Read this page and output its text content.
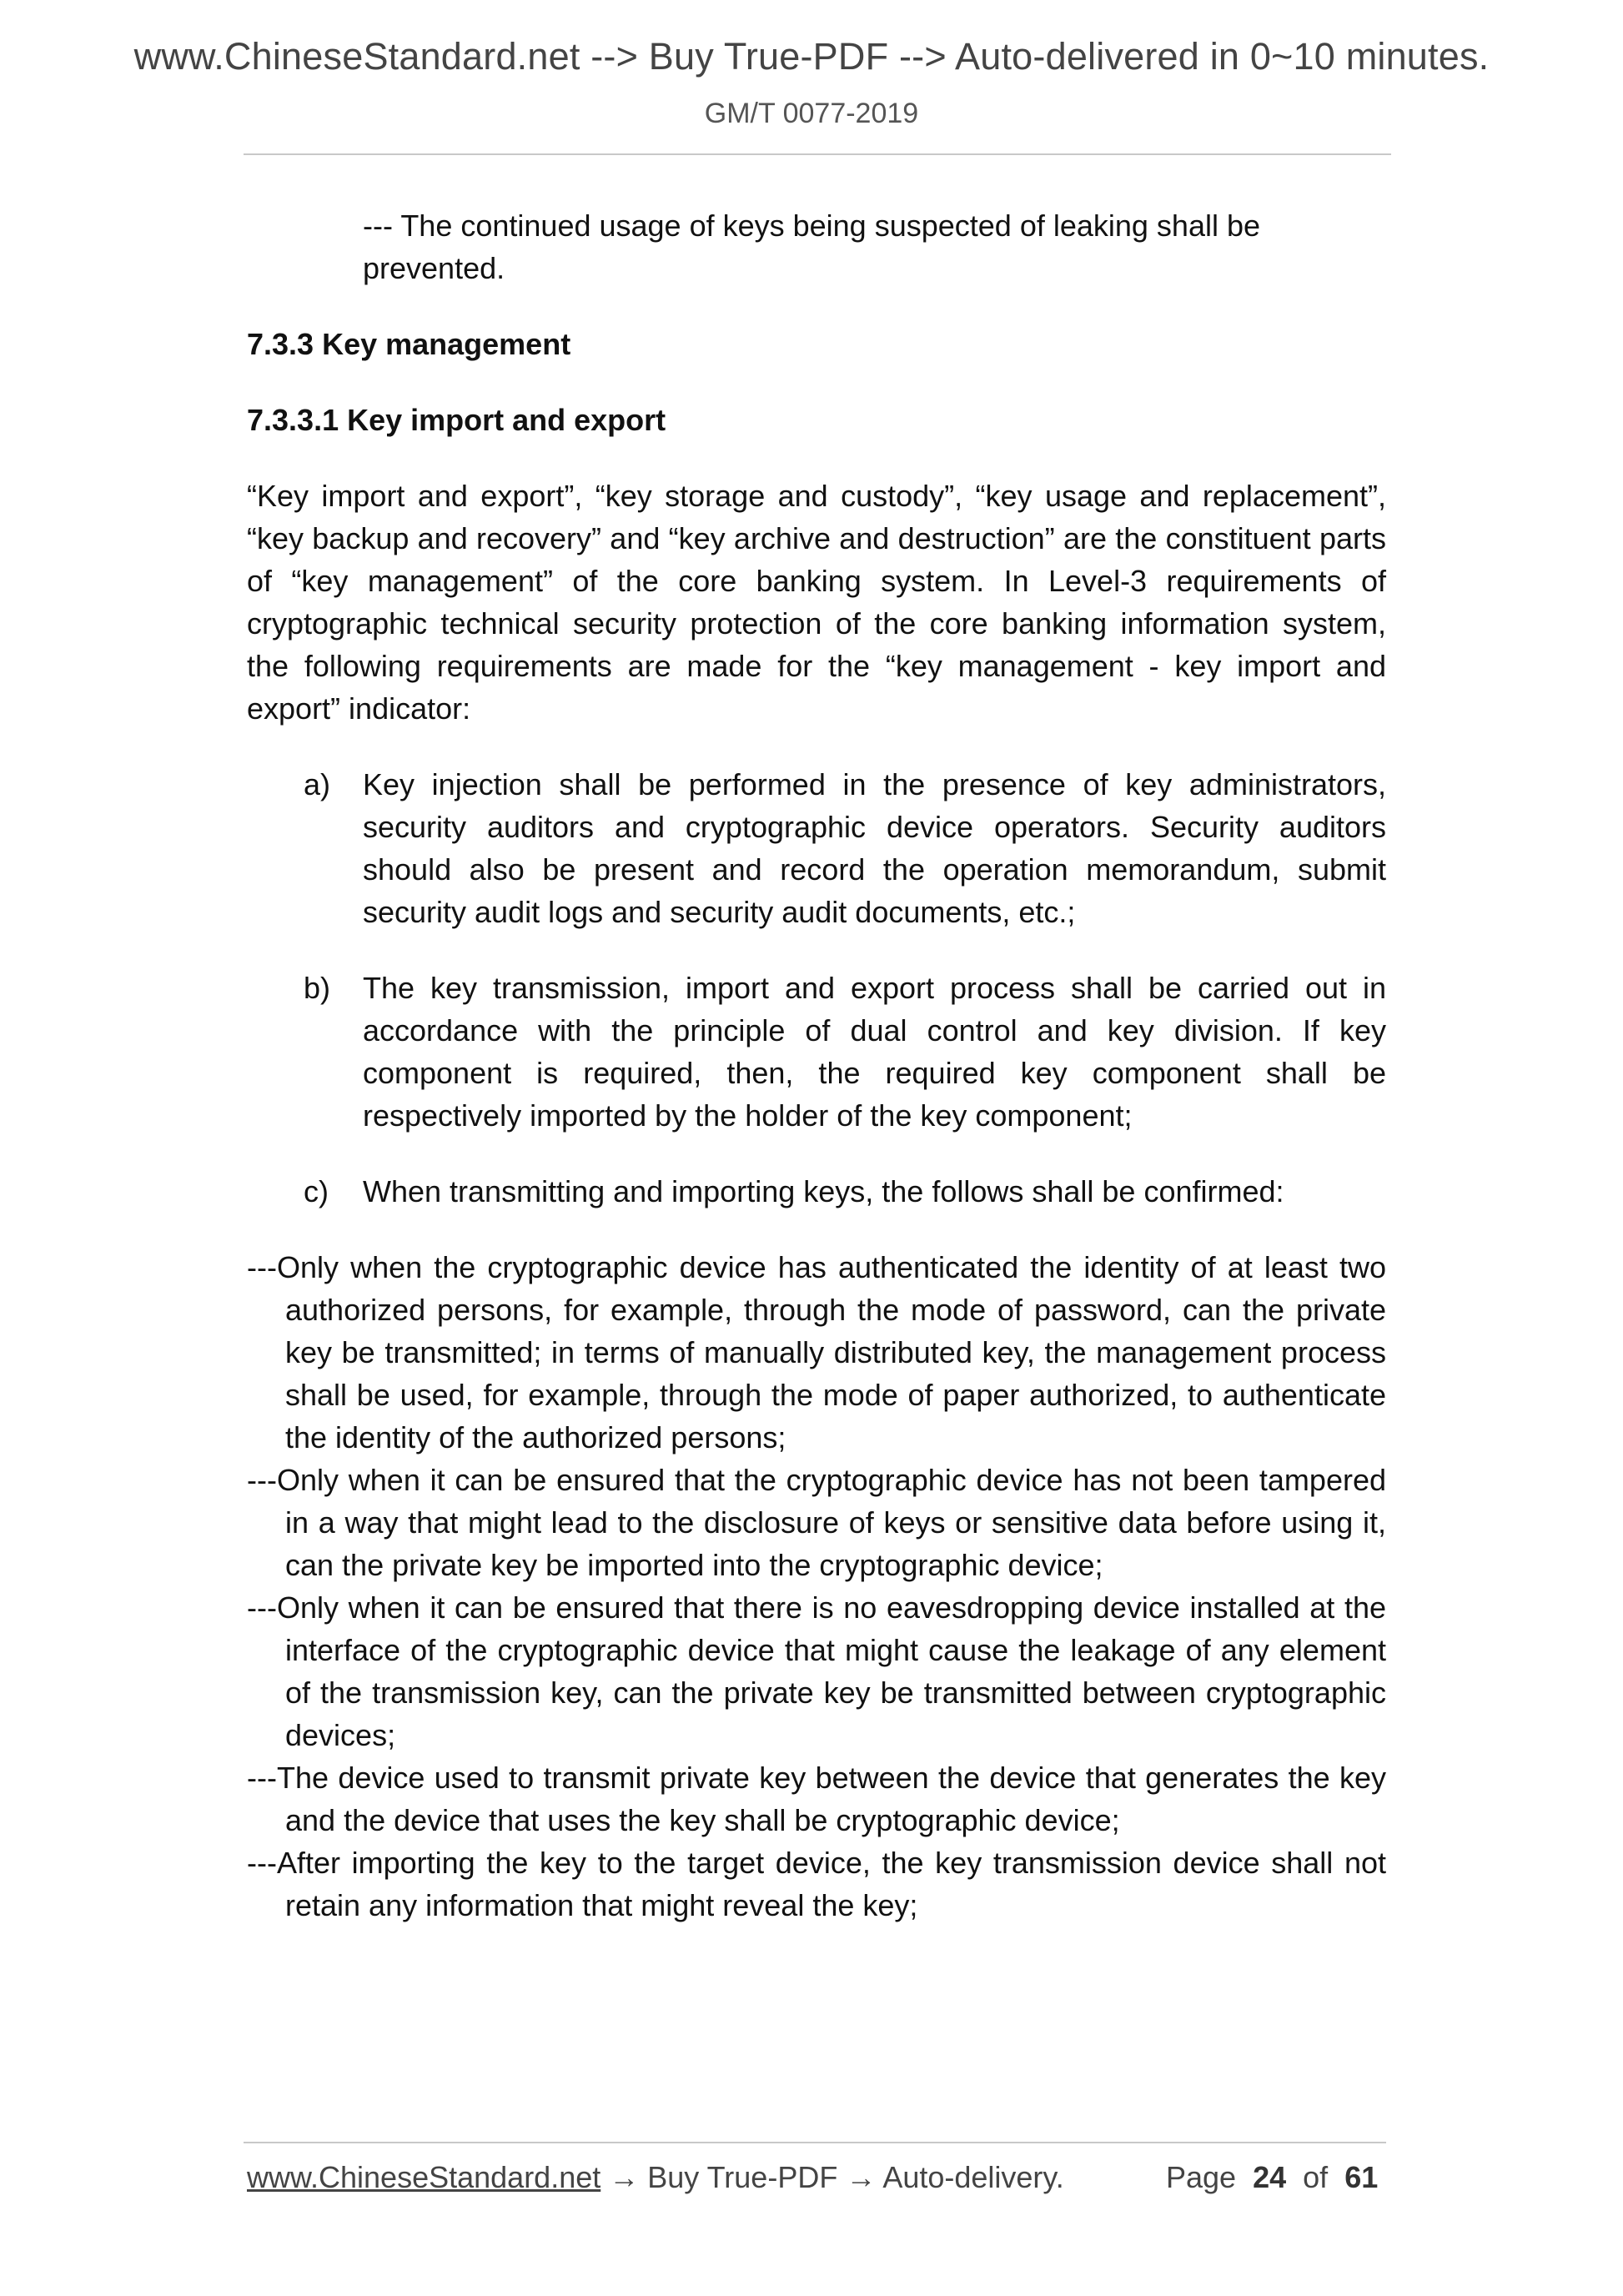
www.ChineseStandard.net --> Buy True-PDF --> Auto-delivered in 0~10 minutes.
GM/T 0077-2019

--- The continued usage of keys being suspected of leaking shall be prevented.

7.3.3 Key management

7.3.3.1 Key import and export

“Key import and export”, “key storage and custody”, “key usage and replacement”, “key backup and recovery” and “key archive and destruction” are the constituent parts of “key management” of the core banking system. In Level-3 requirements of cryptographic technical security protection of the core banking information system, the following requirements are made for the “key management - key import and export” indicator:

a)	Key injection shall be performed in the presence of key administrators, security auditors and cryptographic device operators. Security auditors should also be present and record the operation memorandum, submit security audit logs and security audit documents, etc.;
b)	The key transmission, import and export process shall be carried out in accordance with the principle of dual control and key division. If key component is required, then, the required key component shall be respectively imported by the holder of the key component;
c)	When transmitting and importing keys, the follows shall be confirmed:

---Only when the cryptographic device has authenticated the identity of at least two authorized persons, for example, through the mode of password, can the private key be transmitted; in terms of manually distributed key, the management process shall be used, for example, through the mode of paper authorized, to authenticate the identity of the authorized persons;

---Only when it can be ensured that the cryptographic device has not been tampered in a way that might lead to the disclosure of keys or sensitive data before using it, can the private key be imported into the cryptographic device;

---Only when it can be ensured that there is no eavesdropping device installed at the interface of the cryptographic device that might cause the leakage of any element of the transmission key, can the private key be transmitted between cryptographic devices;

---The device used to transmit private key between the device that generates the key and the device that uses the key shall be cryptographic device;

---After importing the key to the target device, the key transmission device shall not retain any information that might reveal the key;

www.ChineseStandard.net → Buy True-PDF → Auto-delivery.	Page 24 of 61
